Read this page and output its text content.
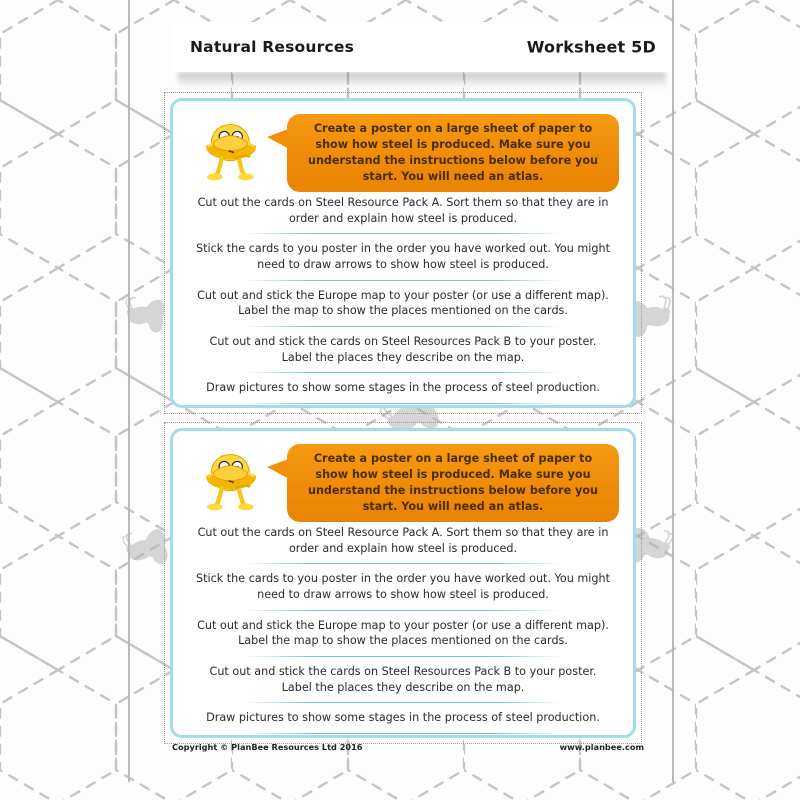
Natural Resources	Worksheet 5D

Create a poster on a large sheet of paper to show how steel is produced. Make sure you understand the instructions below before you start. You will need an atlas.

Cut out the cards on Steel Resource Pack A. Sort them so that they are in order and explain how steel is produced.
Stick the cards to you poster in the order you have worked out. You might need to draw arrows to show how steel is produced.
Cut out and stick the Europe map to your poster (or use a different map). Label the map to show the places mentioned on the cards.
Cut out and stick the cards on Steel Resources Pack B to your poster. Label the places they describe on the map.
Draw pictures to show some stages in the process of steel production.

Create a poster on a large sheet of paper to show how steel is produced. Make sure you understand the instructions below before you start. You will need an atlas.

Cut out the cards on Steel Resource Pack A. Sort them so that they are in order and explain how steel is produced.
Stick the cards to you poster in the order you have worked out. You might need to draw arrows to show how steel is produced.
Cut out and stick the Europe map to your poster (or use a different map). Label the map to show the places mentioned on the cards.
Cut out and stick the cards on Steel Resources Pack B to your poster. Label the places they describe on the map.
Draw pictures to show some stages in the process of steel production.
Copyright © PlanBee Resources Ltd 2016	www.planbee.com
